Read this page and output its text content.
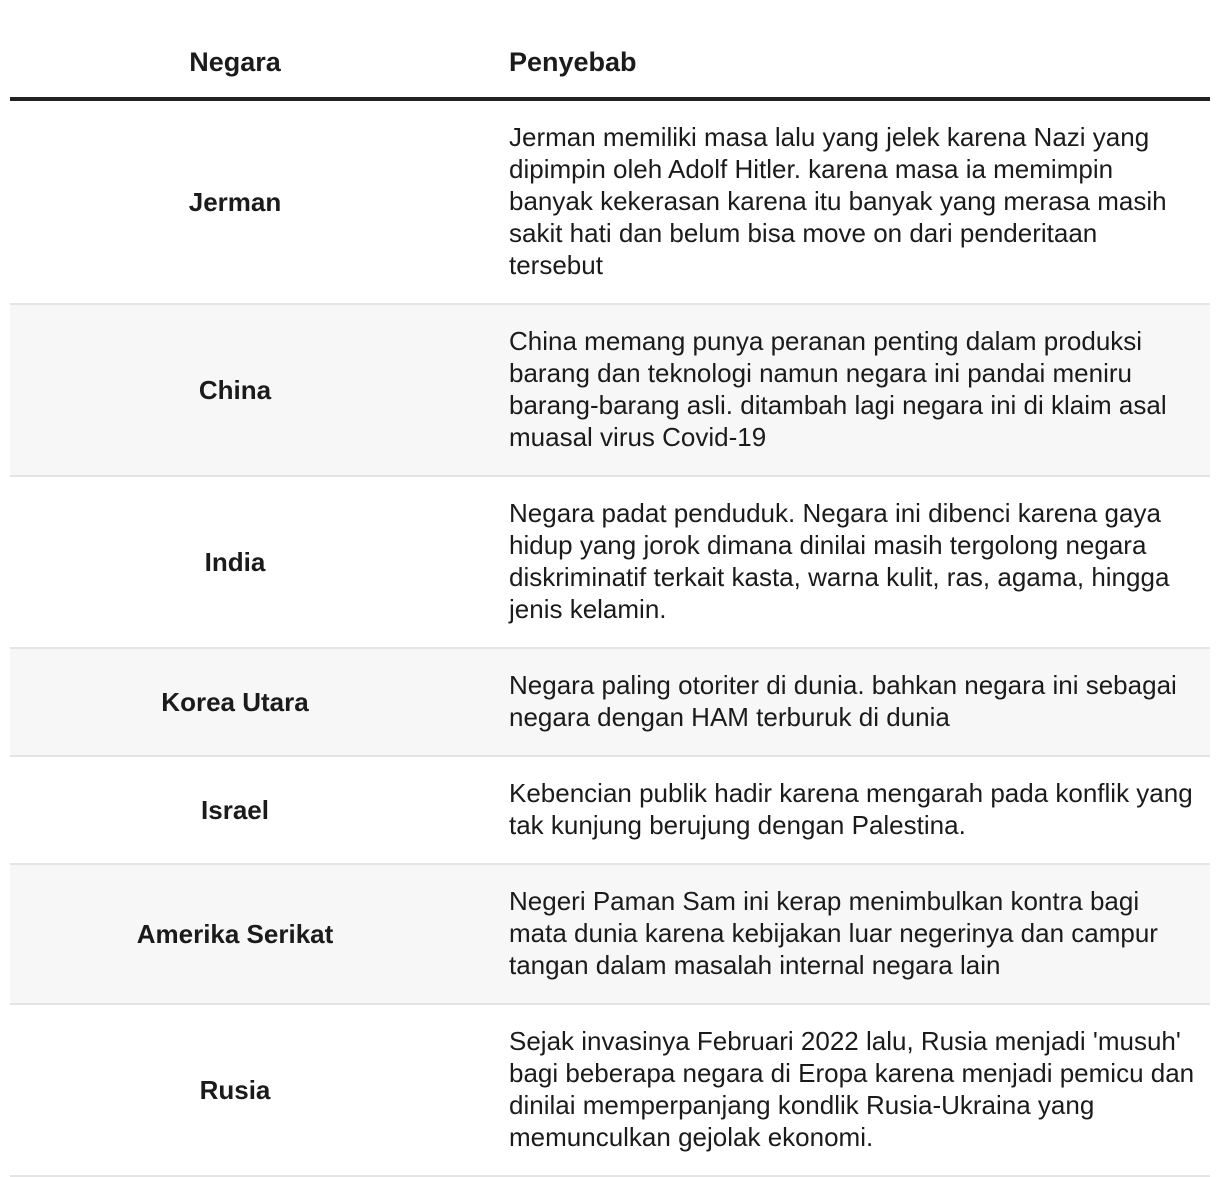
Negara	Penyebab
Jerman	Jerman memiliki masa lalu yang jelek karena Nazi yang dipimpin oleh Adolf Hitler. karena masa ia memimpin banyak kekerasan karena itu banyak yang merasa masih sakit hati dan belum bisa move on dari penderitaan tersebut
China	China memang punya peranan penting dalam produksi barang dan teknologi namun negara ini pandai meniru barang-barang asli. ditambah lagi negara ini di klaim asal muasal virus Covid-19
India	Negara padat penduduk. Negara ini dibenci karena gaya hidup yang jorok dimana dinilai masih tergolong negara diskriminatif terkait kasta, warna kulit, ras, agama, hingga jenis kelamin.
Korea Utara	Negara paling otoriter di dunia. bahkan negara ini sebagai negara dengan HAM terburuk di dunia
Israel	Kebencian publik hadir karena mengarah pada konflik yang tak kunjung berujung dengan Palestina.
Amerika Serikat	Negeri Paman Sam ini kerap menimbulkan kontra bagi mata dunia karena kebijakan luar negerinya dan campur tangan dalam masalah internal negara lain
Rusia	Sejak invasinya Februari 2022 lalu, Rusia menjadi 'musuh' bagi beberapa negara di Eropa karena menjadi pemicu dan dinilai memperpanjang kondlik Rusia-Ukraina yang memunculkan gejolak ekonomi.
